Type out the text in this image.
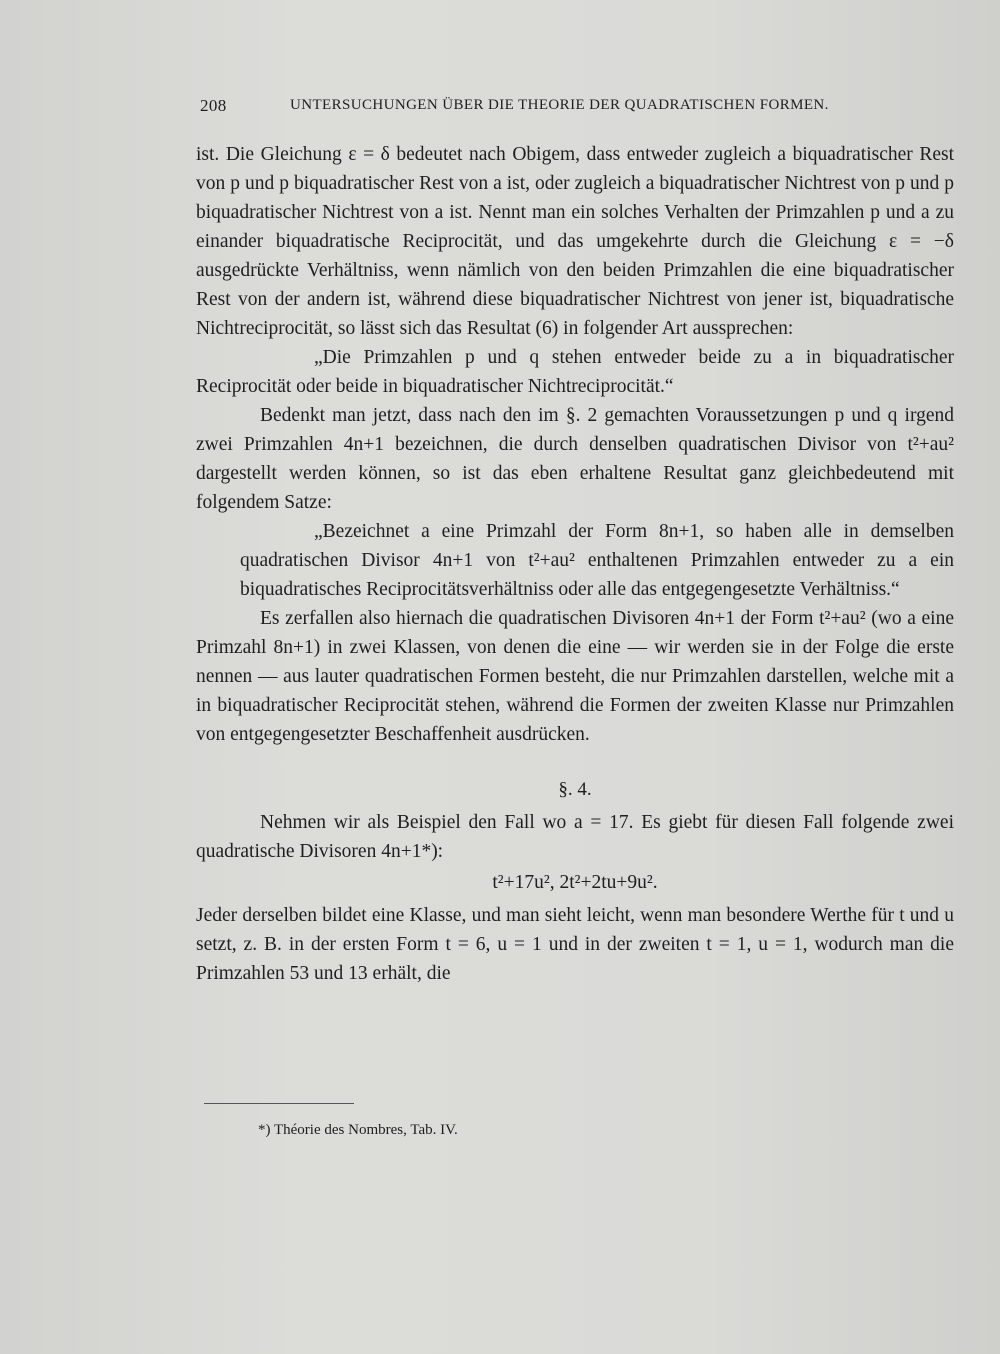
208	UNTERSUCHUNGEN ÜBER DIE THEORIE DER QUADRATISCHEN FORMEN.

ist. Die Gleichung ε = δ bedeutet nach Obigem, dass entweder zugleich a biquadratischer Rest von p und p biquadratischer Rest von a ist, oder zugleich a biquadratischer Nichtrest von p und p biquadratischer Nichtrest von a ist. Nennt man ein solches Verhalten der Primzahlen p und a zu einander biquadratische Reciprocität, und das umgekehrte durch die Gleichung ε = −δ ausgedrückte Verhältniss, wenn nämlich von den beiden Primzahlen die eine biquadratischer Rest von der andern ist, während diese biquadratischer Nichtrest von jener ist, biquadratische Nichtreciprocität, so lässt sich das Resultat (6) in folgender Art aussprechen:

„Die Primzahlen p und q stehen entweder beide zu a in biquadratischer Reciprocität oder beide in biquadratischer Nichtreciprocität.“

Bedenkt man jetzt, dass nach den im §. 2 gemachten Voraussetzungen p und q irgend zwei Primzahlen 4n+1 bezeichnen, die durch denselben quadratischen Divisor von t²+au² dargestellt werden können, so ist das eben erhaltene Resultat ganz gleichbedeutend mit folgendem Satze:

„Bezeichnet a eine Primzahl der Form 8n+1, so haben alle in demselben quadratischen Divisor 4n+1 von t²+au² enthaltenen Primzahlen entweder zu a ein biquadratisches Reciprocitätsverhältniss oder alle das entgegengesetzte Verhältniss.“

Es zerfallen also hiernach die quadratischen Divisoren 4n+1 der Form t²+au² (wo a eine Primzahl 8n+1) in zwei Klassen, von denen die eine — wir werden sie in der Folge die erste nennen — aus lauter quadratischen Formen besteht, die nur Primzahlen darstellen, welche mit a in biquadratischer Reciprocität stehen, während die Formen der zweiten Klasse nur Primzahlen von entgegengesetzter Beschaffenheit ausdrücken.

§. 4.

Nehmen wir als Beispiel den Fall wo a = 17. Es giebt für diesen Fall folgende zwei quadratische Divisoren 4n+1*):

t²+17u², 2t²+2tu+9u².

Jeder derselben bildet eine Klasse, und man sieht leicht, wenn man besondere Werthe für t und u setzt, z. B. in der ersten Form t = 6, u = 1 und in der zweiten t = 1, u = 1, wodurch man die Primzahlen 53 und 13 erhält, die

*) Théorie des Nombres, Tab. IV.
